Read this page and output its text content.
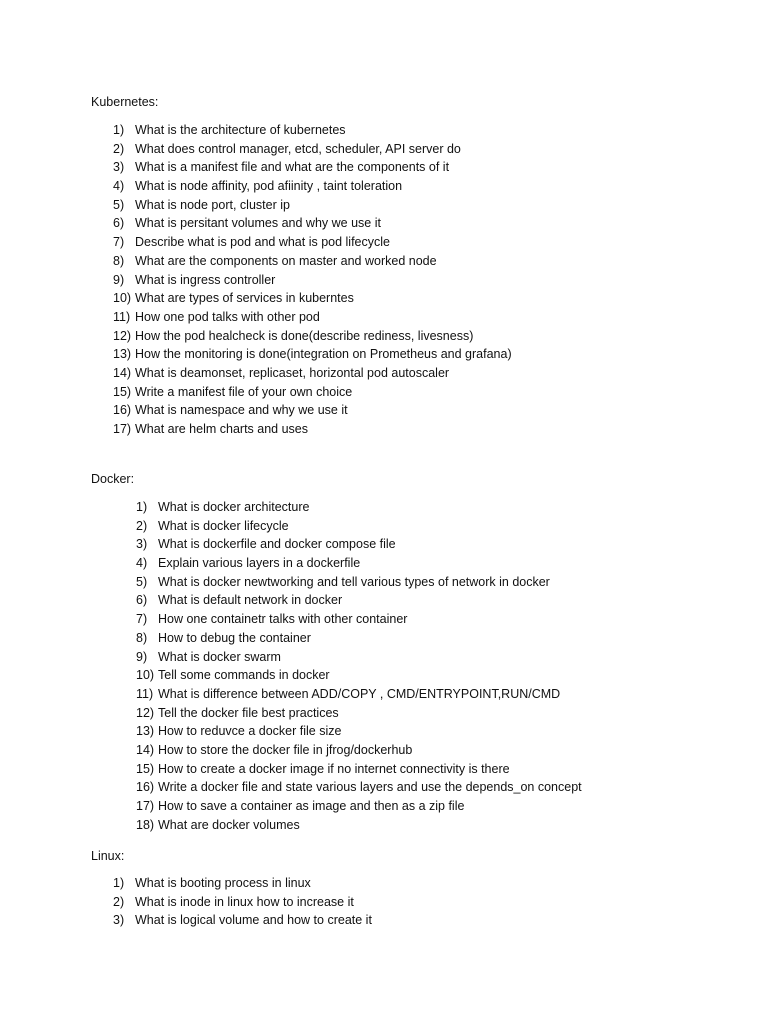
Kubernetes:

1) What is the architecture of kubernetes
2) What does control manager, etcd, scheduler, API server do
3) What is a manifest file and what are the components of it
4) What is node affinity, pod afiinity , taint toleration
5) What is node port, cluster ip
6) What is persitant volumes and why we use it
7) Describe what is pod and what is pod lifecycle
8) What are the components on master and worked node
9) What is ingress controller
10) What are types of services in kuberntes
11) How one pod talks with other pod
12) How the pod healcheck is done(describe rediness, livesness)
13) How the monitoring is done(integration on Prometheus and grafana)
14) What is deamonset, replicaset, horizontal pod autoscaler
15) Write a manifest file of your own choice
16) What is namespace and why we use it
17) What are helm charts and uses

Docker:

1) What is docker architecture
2) What is docker lifecycle
3) What is dockerfile and docker compose file
4) Explain various layers in a dockerfile
5) What is docker newtworking and tell various types of network in docker
6) What is default network in docker
7) How one containetr talks with other container
8) How to debug the container
9) What is docker swarm
10) Tell some commands in docker
11) What is difference between ADD/COPY , CMD/ENTRYPOINT,RUN/CMD
12) Tell the docker file best practices
13) How to reduvce a docker file size
14) How to store the docker file in jfrog/dockerhub
15) How to create a docker image if no internet connectivity is there
16) Write a docker file and state various layers and use the depends_on concept
17) How to save a container as image and then as a zip file
18) What are docker volumes

Linux:

1) What is booting process in linux
2) What is inode in linux how to increase it
3) What is logical volume and how to create it
